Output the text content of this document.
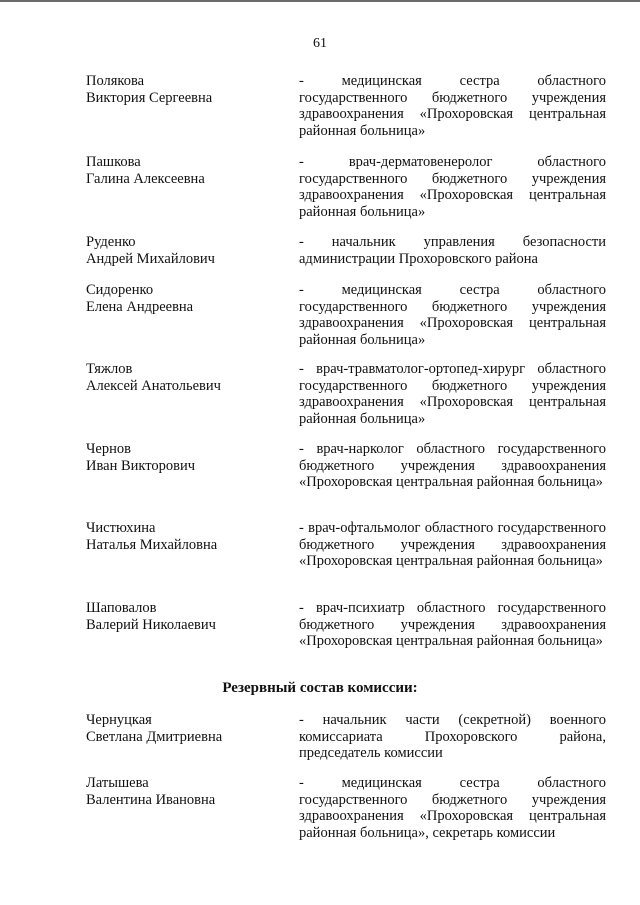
61
Полякова
Виктория Сергеевна
- медицинская сестра областного государственного бюджетного учреждения здравоохранения «Прохоровская центральная районная больница»
Пашкова
Галина Алексеевна
- врач-дерматовенеролог областного государственного бюджетного учреждения здравоохранения «Прохоровская центральная районная больница»
Руденко
Андрей Михайлович
- начальник управления безопасности администрации Прохоровского района
Сидоренко
Елена Андреевна
- медицинская сестра областного государственного бюджетного учреждения здравоохранения «Прохоровская центральная районная больница»
Тяжлов
Алексей Анатольевич
- врач-травматолог-ортопед-хирург областного государственного бюджетного учреждения здравоохранения «Прохоровская центральная районная больница»
Чернов
Иван Викторович
- врач-нарколог областного государственного бюджетного учреждения здравоохранения «Прохоровская центральная районная больница»
Чистюхина
Наталья Михайловна
- врач-офтальмолог областного государственного бюджетного учреждения здравоохранения «Прохоровская центральная районная больница»
Шаповалов
Валерий Николаевич
- врач-психиатр областного государственного бюджетного учреждения здравоохранения «Прохоровская центральная районная больница»
Резервный состав комиссии:
Чернуцкая
Светлана Дмитриевна
- начальник части (секретной) военного комиссариата Прохоровского района, председатель комиссии
Латышева
Валентина Ивановна
- медицинская сестра областного государственного бюджетного учреждения здравоохранения «Прохоровская центральная районная больница», секретарь комиссии
